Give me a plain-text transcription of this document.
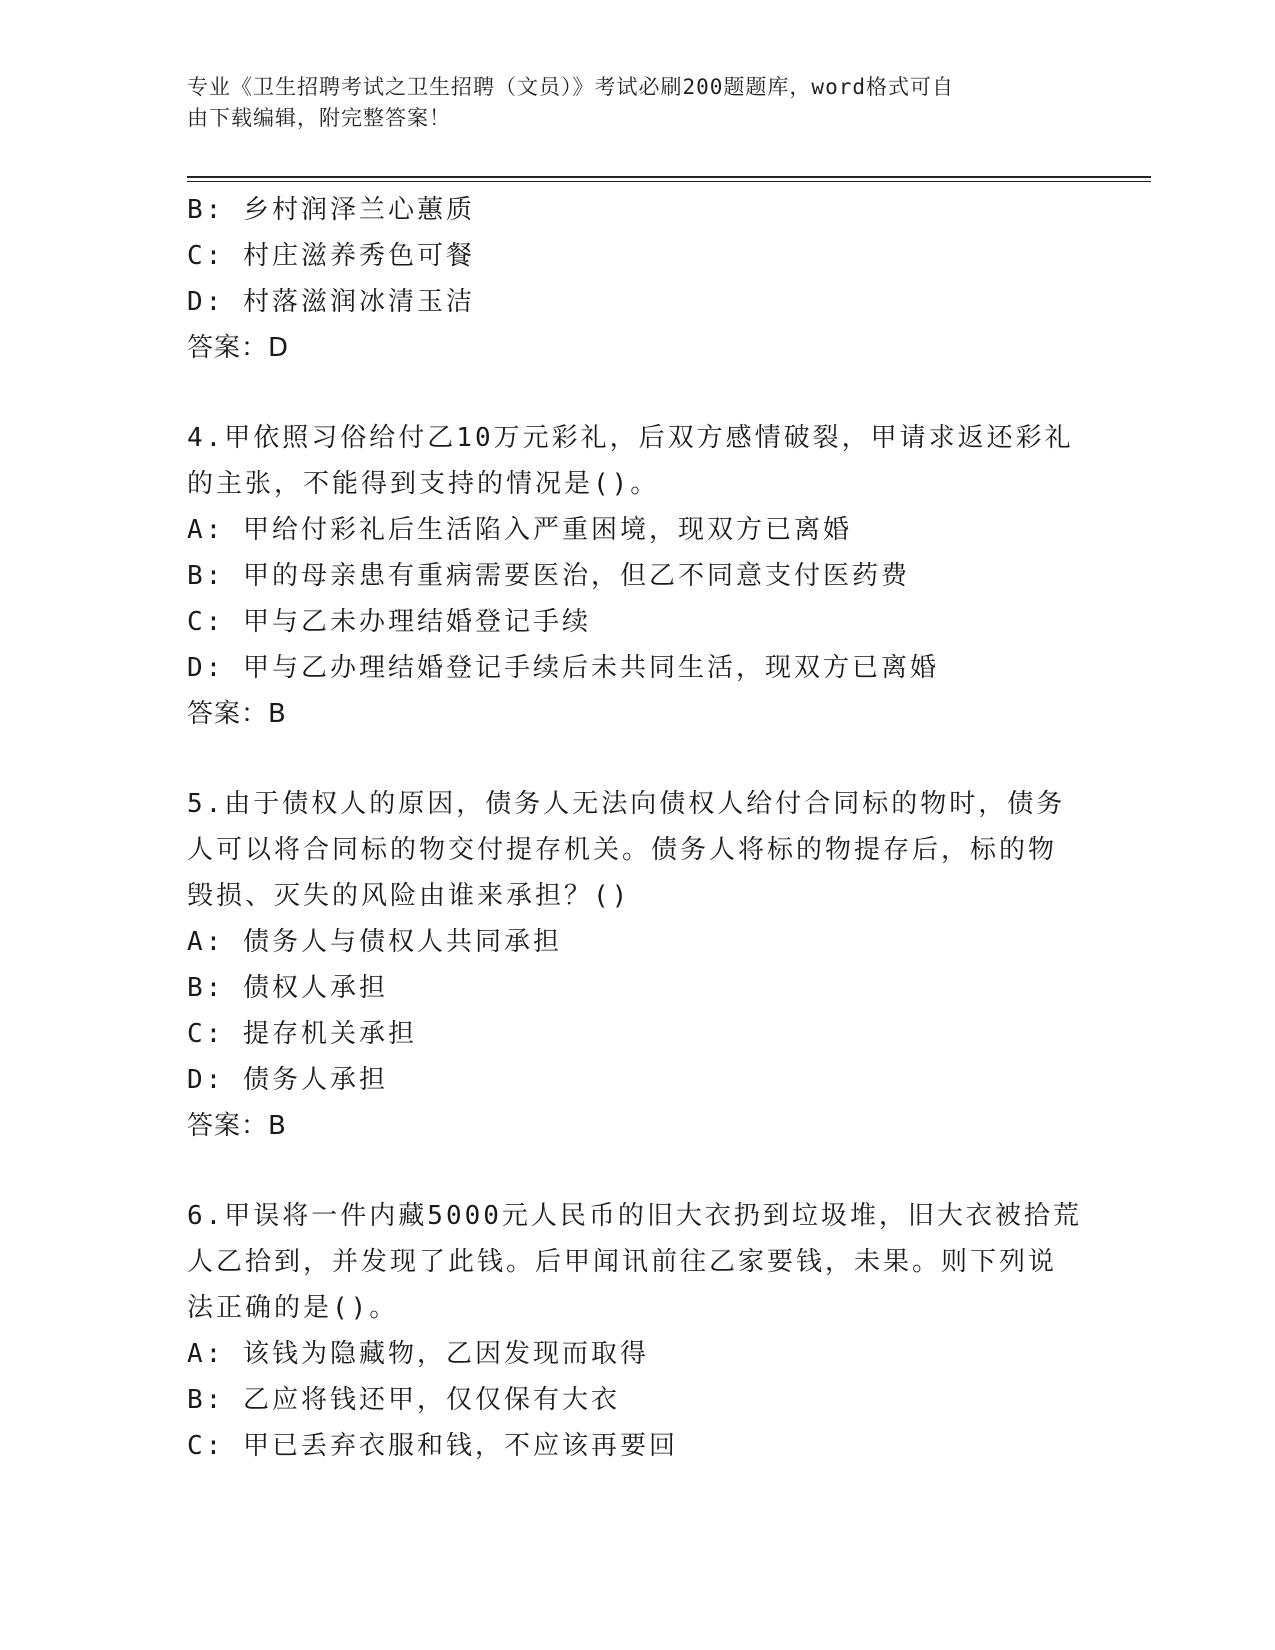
专业《卫生招聘考试之卫生招聘（文员）》考试必刷200题题库，word格式可自
由下载编辑，附完整答案！
B: 乡村润泽兰心蕙质
C: 村庄滋养秀色可餐
D: 村落滋润冰清玉洁
答案：D
4.甲依照习俗给付乙10万元彩礼，后双方感情破裂，甲请求返还彩礼
的主张，不能得到支持的情况是()。
A: 甲给付彩礼后生活陷入严重困境，现双方已离婚
B: 甲的母亲患有重病需要医治，但乙不同意支付医药费
C: 甲与乙未办理结婚登记手续
D: 甲与乙办理结婚登记手续后未共同生活，现双方已离婚
答案：B
5.由于债权人的原因，债务人无法向债权人给付合同标的物时，债务
人可以将合同标的物交付提存机关。债务人将标的物提存后，标的物
毁损、灭失的风险由谁来承担？()
A: 债务人与债权人共同承担
B: 债权人承担
C: 提存机关承担
D: 债务人承担
答案：B
6.甲误将一件内藏5000元人民币的旧大衣扔到垃圾堆，旧大衣被拾荒
人乙拾到，并发现了此钱。后甲闻讯前往乙家要钱，未果。则下列说
法正确的是()。
A: 该钱为隐藏物，乙因发现而取得
B: 乙应将钱还甲，仅仅保有大衣
C: 甲已丢弃衣服和钱，不应该再要回
